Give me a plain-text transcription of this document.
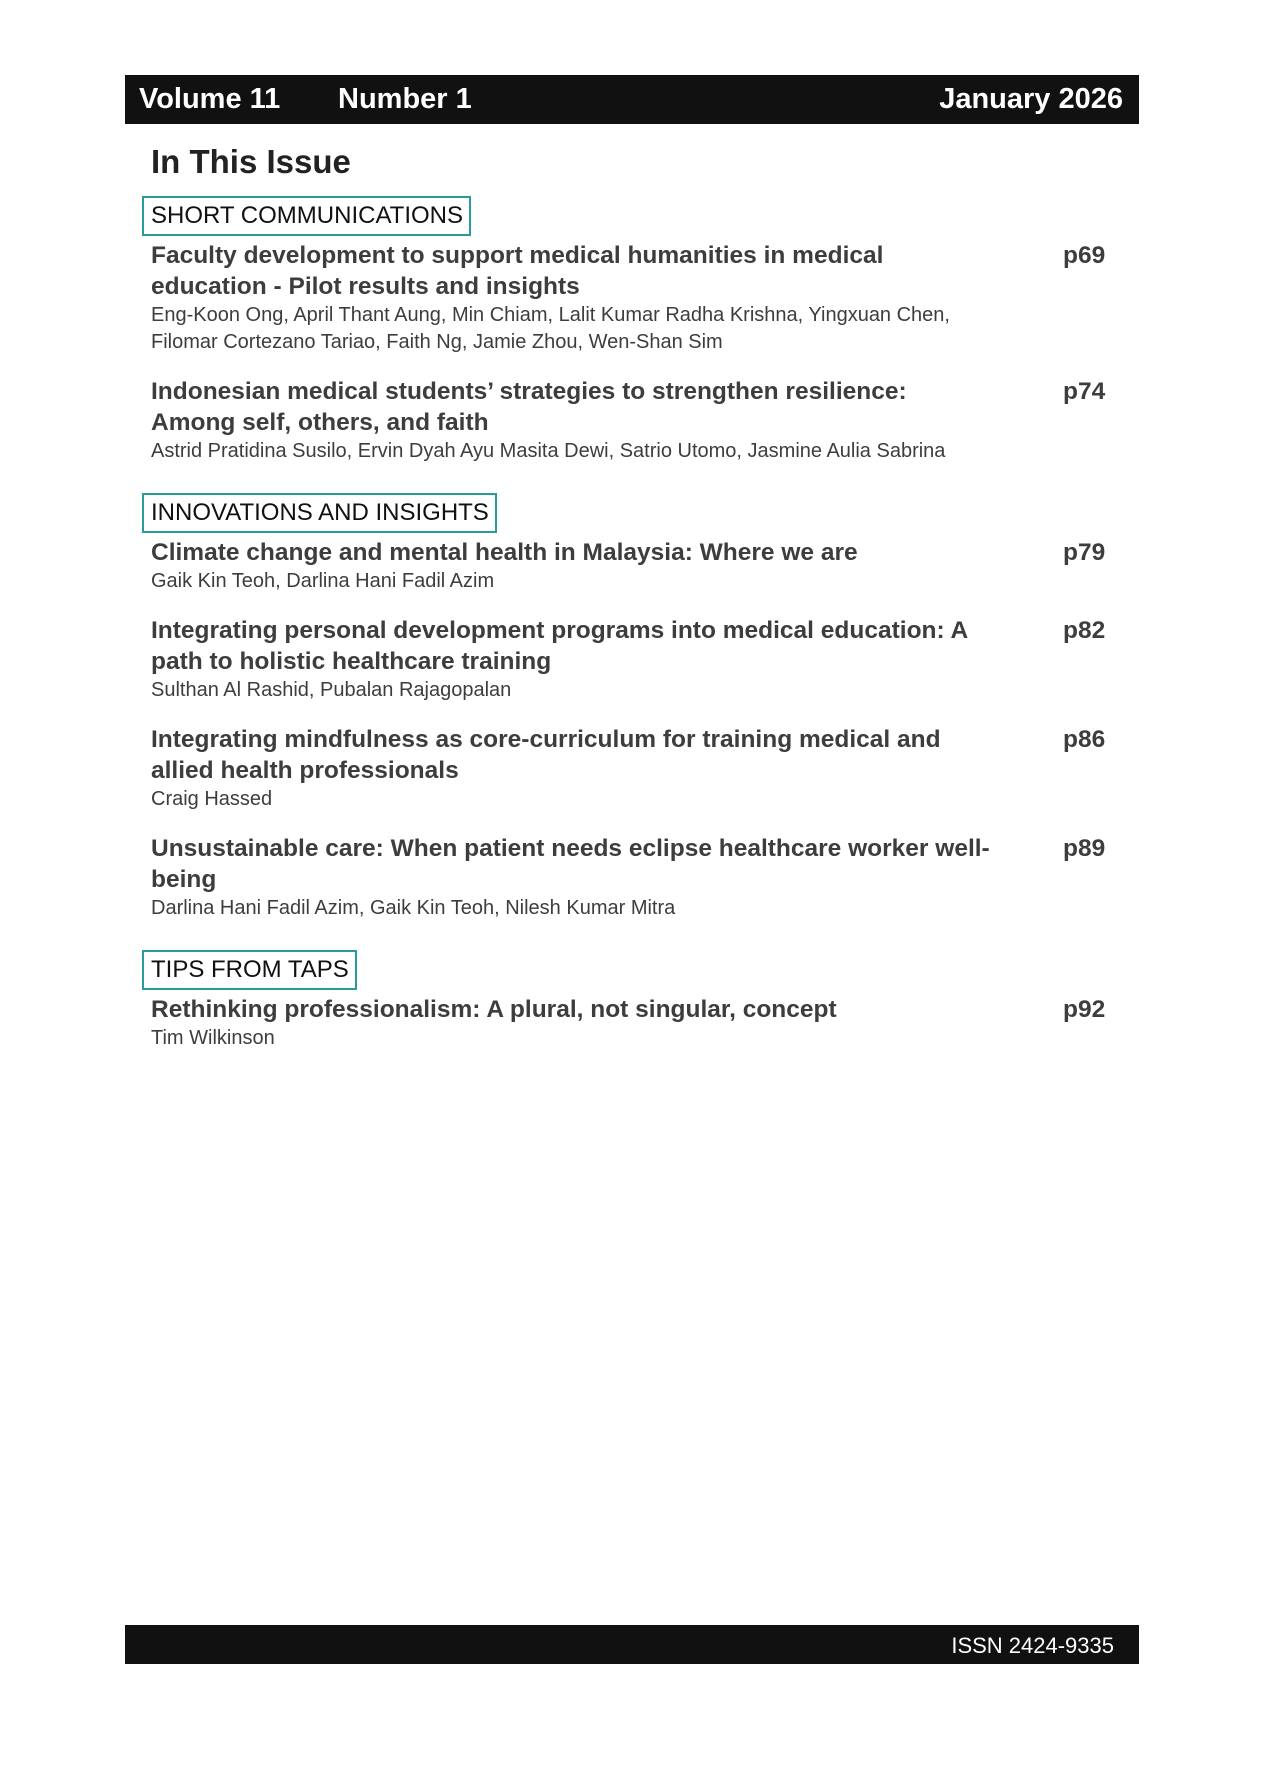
Volume 11 Number 1	January 2026
In This Issue
SHORT COMMUNICATIONS
Faculty development to support medical humanities in medical education - Pilot results and insights
Eng-Koon Ong, April Thant Aung, Min Chiam, Lalit Kumar Radha Krishna, Yingxuan Chen, Filomar Cortezano Tariao, Faith Ng, Jamie Zhou, Wen-Shan Sim
p69
Indonesian medical students’ strategies to strengthen resilience: Among self, others, and faith
Astrid Pratidina Susilo, Ervin Dyah Ayu Masita Dewi, Satrio Utomo, Jasmine Aulia Sabrina
p74
INNOVATIONS AND INSIGHTS
Climate change and mental health in Malaysia: Where we are
Gaik Kin Teoh, Darlina Hani Fadil Azim
p79
Integrating personal development programs into medical education: A path to holistic healthcare training
Sulthan Al Rashid, Pubalan Rajagopalan
p82
Integrating mindfulness as core-curriculum for training medical and allied health professionals
Craig Hassed
p86
Unsustainable care: When patient needs eclipse healthcare worker well-being
Darlina Hani Fadil Azim, Gaik Kin Teoh, Nilesh Kumar Mitra
p89
TIPS FROM TAPS
Rethinking professionalism: A plural, not singular, concept
Tim Wilkinson
p92
ISSN 2424-9335
